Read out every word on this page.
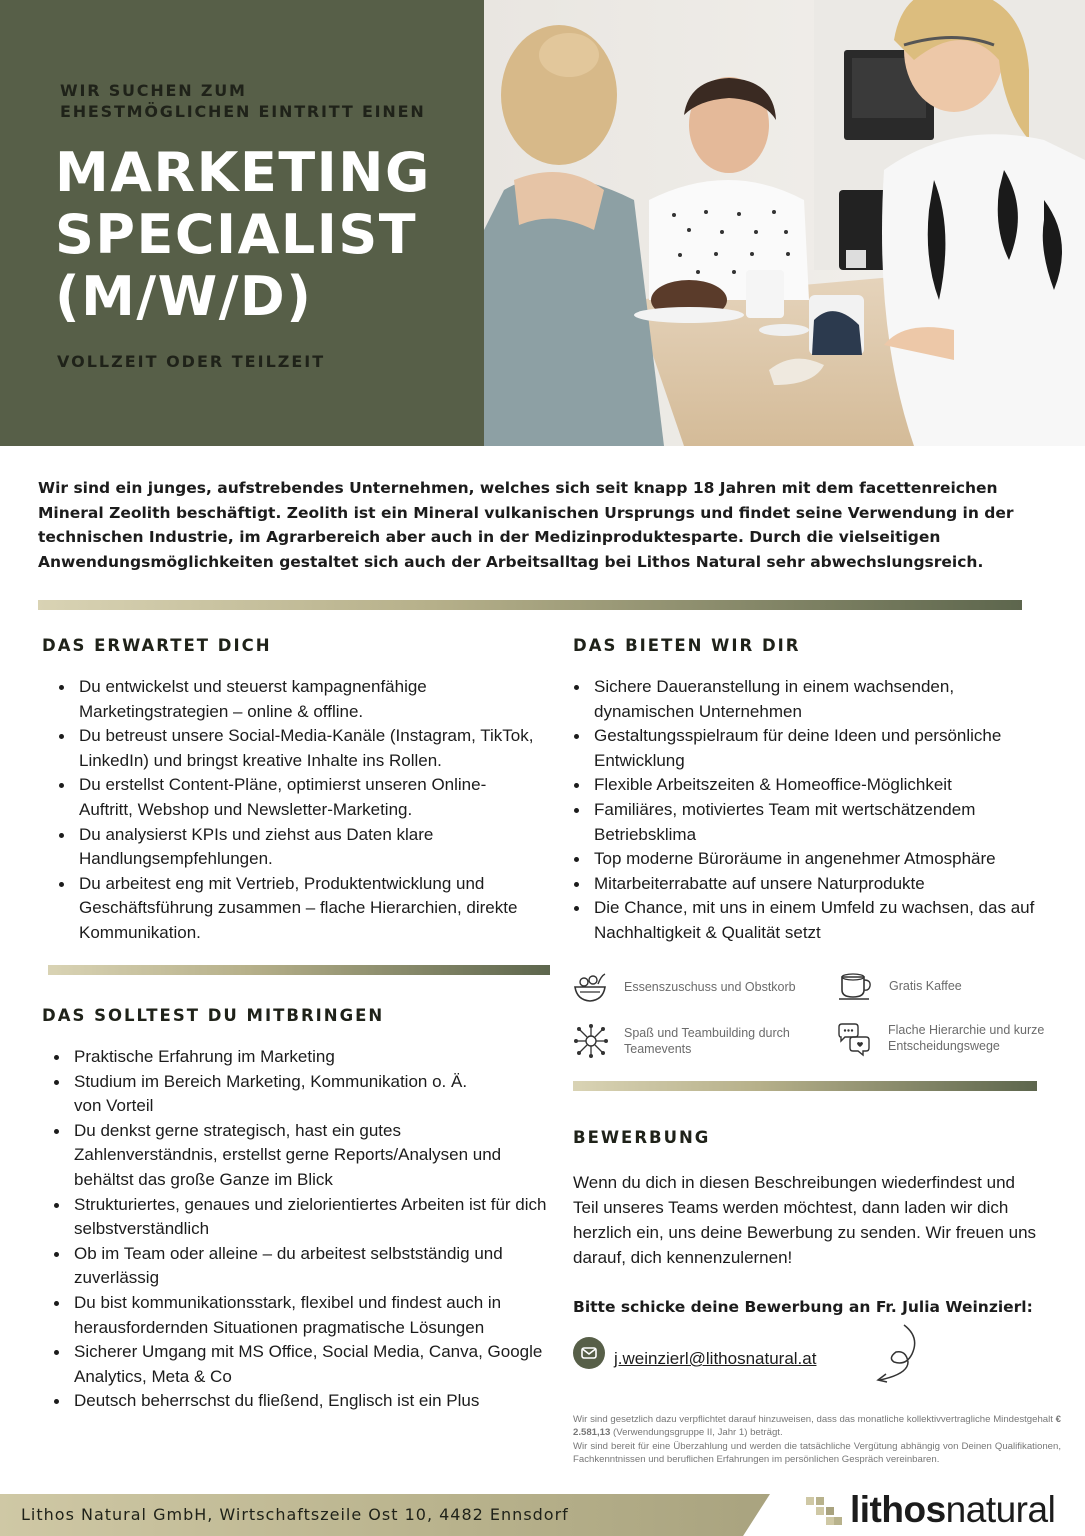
WIR SUCHEN ZUM
EHESTMÖGLICHEN EINTRITT EINEN
MARKETING
SPECIALIST
(M/W/D)
VOLLZEIT ODER TEILZEIT
Wir sind ein junges, aufstrebendes Unternehmen, welches sich seit knapp 18 Jahren mit dem facettenreichen Mineral Zeolith beschäftigt. Zeolith ist ein Mineral vulkanischen Ursprungs und findet seine Verwendung in der technischen Industrie, im Agrarbereich aber auch in der Medizinproduktesparte. Durch die vielseitigen Anwendungsmöglichkeiten gestaltet sich auch der Arbeitsalltag bei Lithos Natural sehr abwechslungsreich.
DAS ERWARTET DICH
Du entwickelst und steuerst kampagnenfähige Marketingstrategien – online & offline.
Du betreust unsere Social-Media-Kanäle (Instagram, TikTok, LinkedIn) und bringst kreative Inhalte ins Rollen.
Du erstellst Content-Pläne, optimierst unseren Online-Auftritt, Webshop und Newsletter-Marketing.
Du analysierst KPIs und ziehst aus Daten klare Handlungsempfehlungen.
Du arbeitest eng mit Vertrieb, Produktentwicklung und Geschäftsführung zusammen – flache Hierarchien, direkte Kommunikation.
DAS BIETEN WIR DIR
Sichere Daueranstellung in einem wachsenden, dynamischen Unternehmen
Gestaltungsspielraum für deine Ideen und persönliche Entwicklung
Flexible Arbeitszeiten & Homeoffice-Möglichkeit
Familiäres, motiviertes Team mit wertschätzendem Betriebsklima
Top moderne Büroräume in angenehmer Atmosphäre
Mitarbeiterrabatte auf unsere Naturprodukte
Die Chance, mit uns in einem Umfeld zu wachsen, das auf Nachhaltigkeit & Qualität setzt
Essenszuschuss und Obstkorb	Gratis Kaffee
Spaß und Teambuilding durch Teamevents
Flache Hierarchie und kurze Entscheidungswege
DAS SOLLTEST DU MITBRINGEN
Praktische Erfahrung im Marketing
Studium im Bereich Marketing, Kommunikation o. Ä. von Vorteil
Du denkst gerne strategisch, hast ein gutes Zahlenverständnis, erstellst gerne Reports/Analysen und behältst das große Ganze im Blick
Strukturiertes, genaues und zielorientiertes Arbeiten ist für dich selbstverständlich
Ob im Team oder alleine – du arbeitest selbstständig und zuverlässig
Du bist kommunikationsstark, flexibel und findest auch in herausfordernden Situationen pragmatische Lösungen
Sicherer Umgang mit MS Office, Social Media, Canva, Google Analytics, Meta & Co
Deutsch beherrschst du fließend, Englisch ist ein Plus
BEWERBUNG
Wenn du dich in diesen Beschreibungen wiederfindest und Teil unseres Teams werden möchtest, dann laden wir dich herzlich ein, uns deine Bewerbung zu senden. Wir freuen uns darauf, dich kennenzulernen!
Bitte schicke deine Bewerbung an Fr. Julia Weinzierl:
j.weinzierl@lithosnatural.at

Wir sind gesetzlich dazu verpflichtet darauf hinzuweisen, dass das monatliche kollektivvertragliche Mindestgehalt € 2.581,13 (Verwendungsgruppe II, Jahr 1) beträgt.

Wir sind bereit für eine Überzahlung und werden die tatsächliche Vergütung abhängig von Deinen Qualifikationen, Fachkenntnissen und beruflichen Erfahrungen im persönlichen Gespräch vereinbaren.

Lithos Natural GmbH, Wirtschaftszeile Ost 10, 4482 Ennsdorf	lithosnatural
